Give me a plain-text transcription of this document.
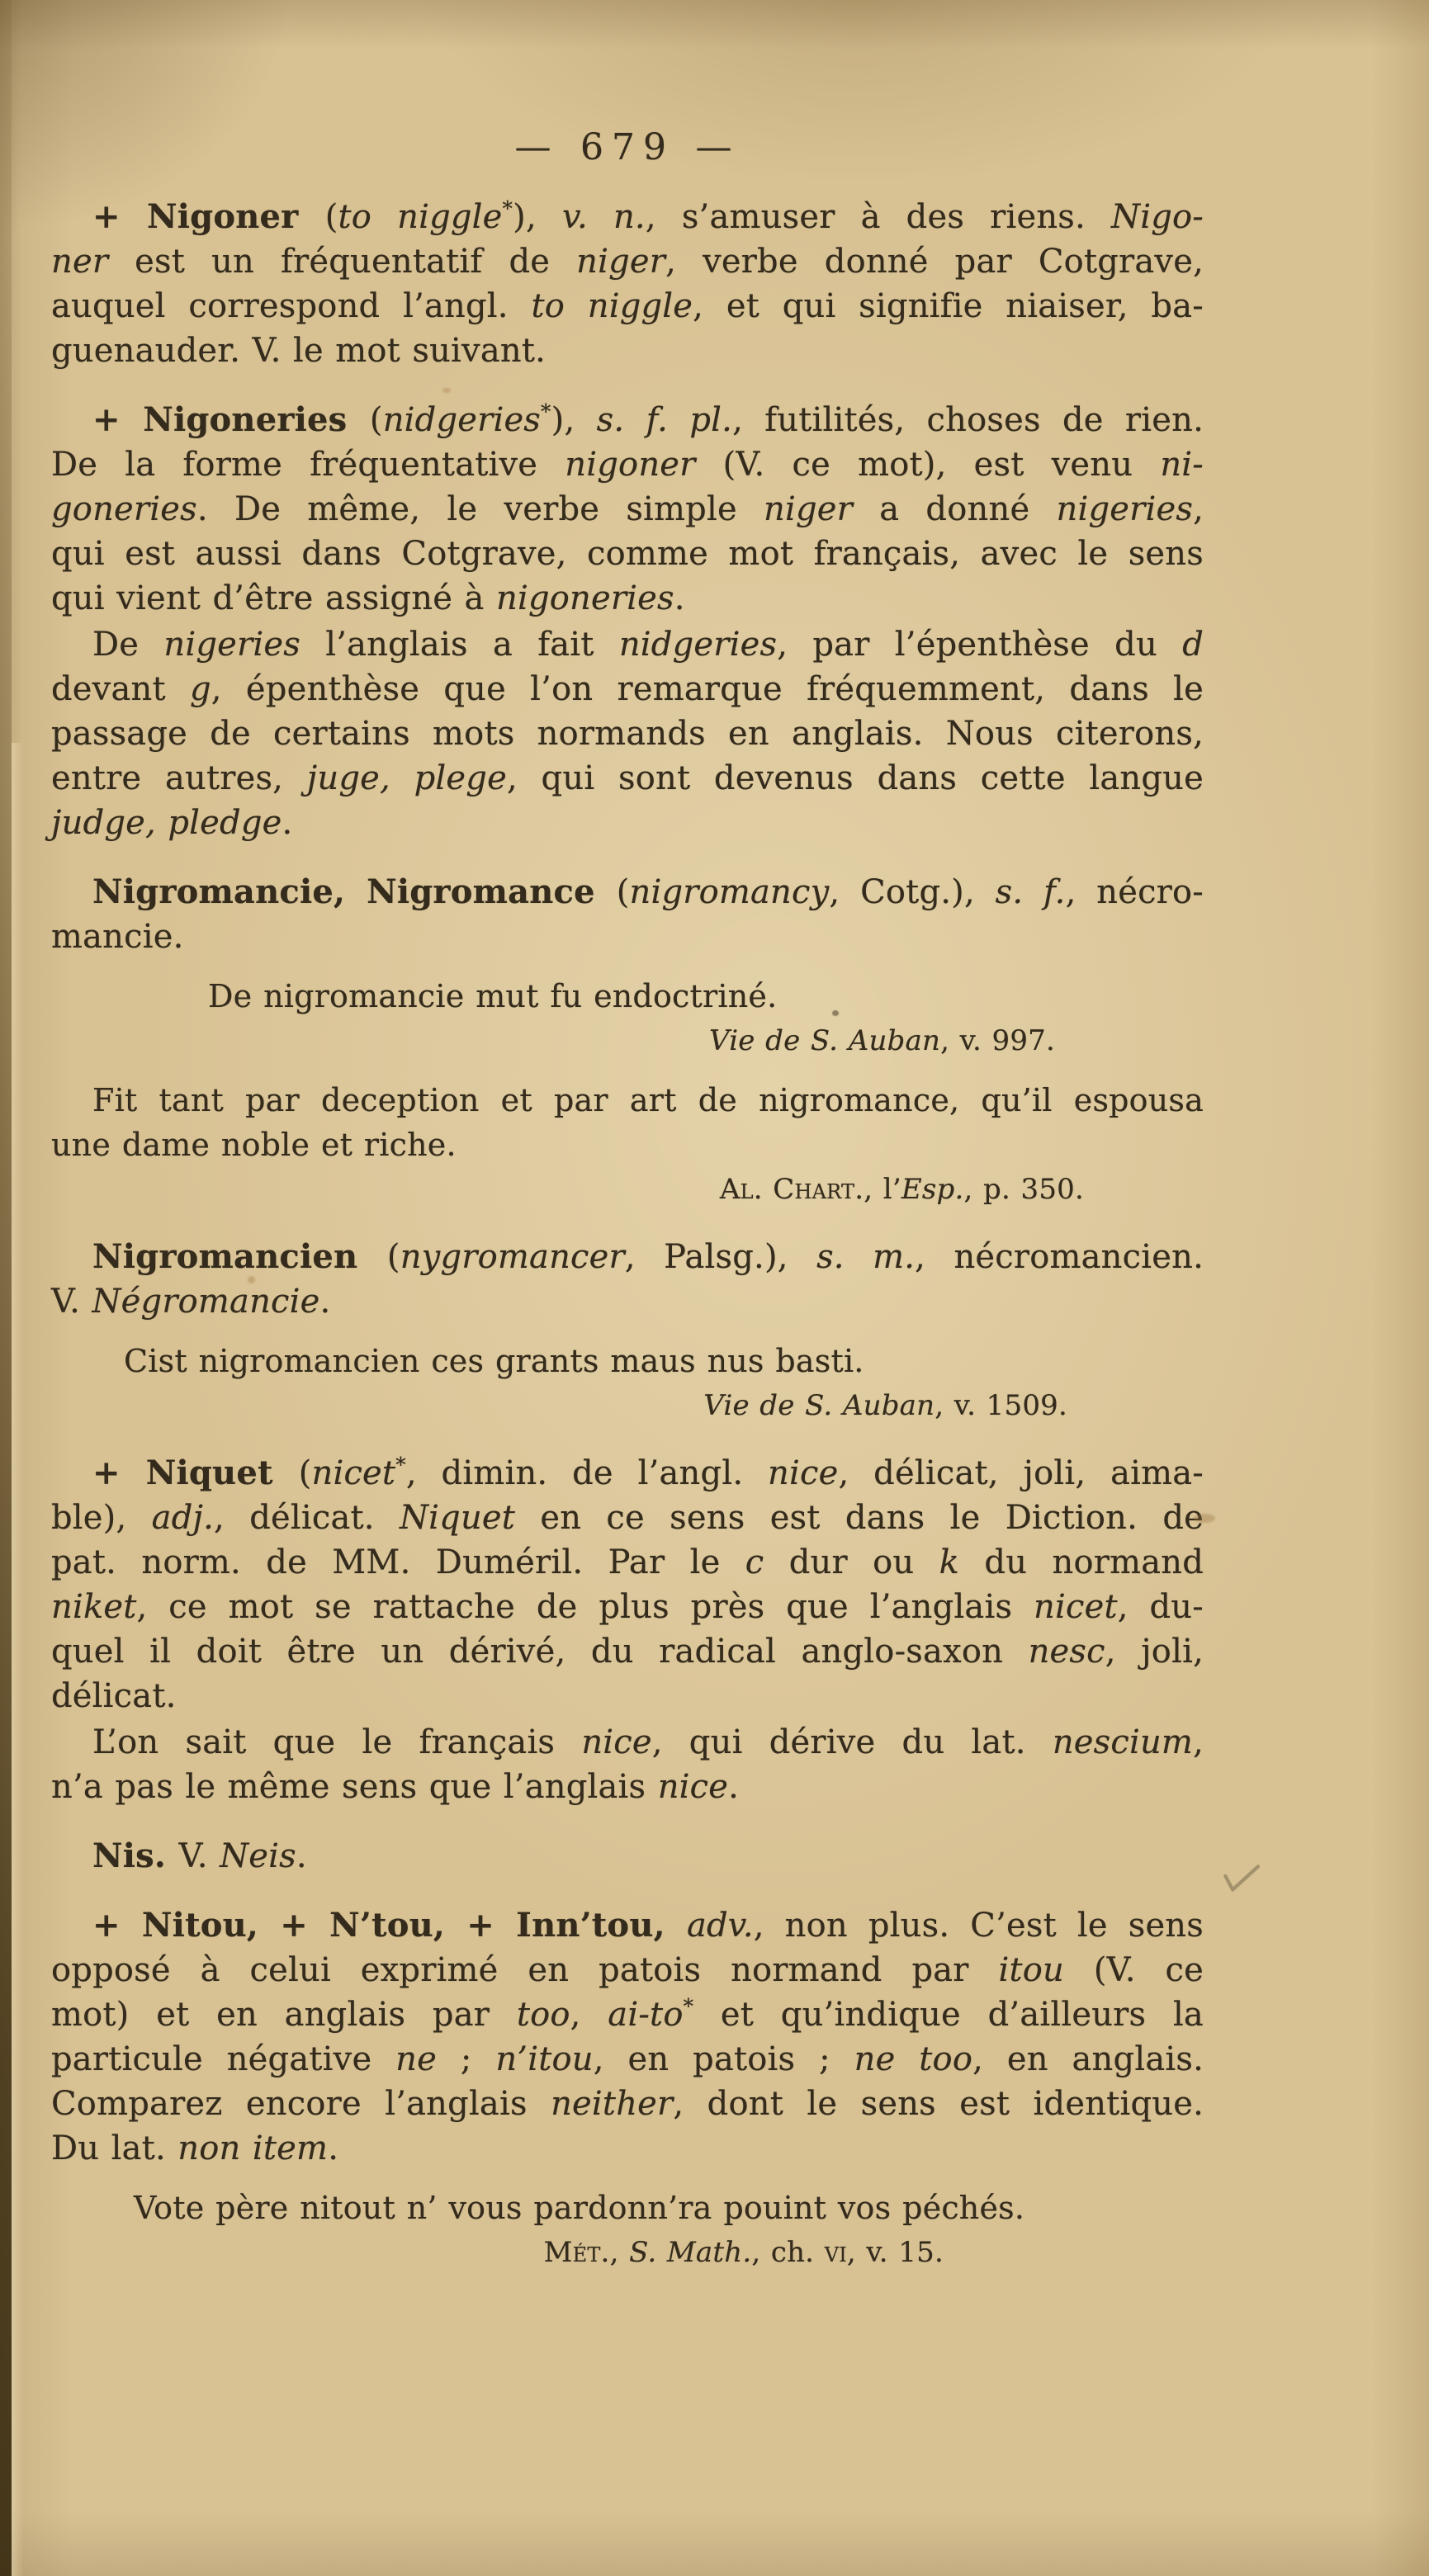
— 679 —
+ Nigoner (to niggle*), v. n., s’amuser à des riens. Nigo-
ner est un fréquentatif de niger, verbe donné par Cotgrave,
auquel correspond l’angl. to niggle, et qui signifie niaiser, ba-
guenauder. V. le mot suivant.
+ Nigoneries (nidgeries*), s. f. pl., futilités, choses de rien.
De la forme fréquentative nigoner (V. ce mot), est venu ni-
goneries. De même, le verbe simple niger a donné nigeries,
qui est aussi dans Cotgrave, comme mot français, avec le sens
qui vient d’être assigné à nigoneries.
De nigeries l’anglais a fait nidgeries, par l’épenthèse du d
devant g, épenthèse que l’on remarque fréquemment, dans le
passage de certains mots normands en anglais. Nous citerons,
entre autres, juge, plege, qui sont devenus dans cette langue
judge, pledge.
Nigromancie, Nigromance (nigromancy, Cotg.), s. f., nécro-
mancie.
De nigromancie mut fu endoctriné.
Vie de S. Auban, v. 997.
Fit tant par deception et par art de nigromance, qu’il espousa
une dame noble et riche.
Al. Chart., l’Esp., p. 350.
Nigromancien (nygromancer, Palsg.), s. m., nécromancien.
V. Négromancie.
Cist nigromancien ces grants maus nus basti.
Vie de S. Auban, v. 1509.
+ Niquet (nicet*, dimin. de l’angl. nice, délicat, joli, aima-
ble), adj., délicat. Niquet en ce sens est dans le Diction. de
pat. norm. de MM. Duméril. Par le c dur ou k du normand
niket, ce mot se rattache de plus près que l’anglais nicet, du-
quel il doit être un dérivé, du radical anglo-saxon nesc, joli,
délicat.
L’on sait que le français nice, qui dérive du lat. nescium,
n’a pas le même sens que l’anglais nice.
Nis. V. Neis.
+ Nitou, + N’tou, + Inn’tou, adv., non plus. C’est le sens
opposé à celui exprimé en patois normand par itou (V. ce
mot) et en anglais par too, ai-to* et qu’indique d’ailleurs la
particule négative ne ; n’itou, en patois ; ne too, en anglais.
Comparez encore l’anglais neither, dont le sens est identique.
Du lat. non item.
Vote père nitout n’ vous pardonn’ra pouint vos péchés.
Mét., S. Math., ch. vi, v. 15.
